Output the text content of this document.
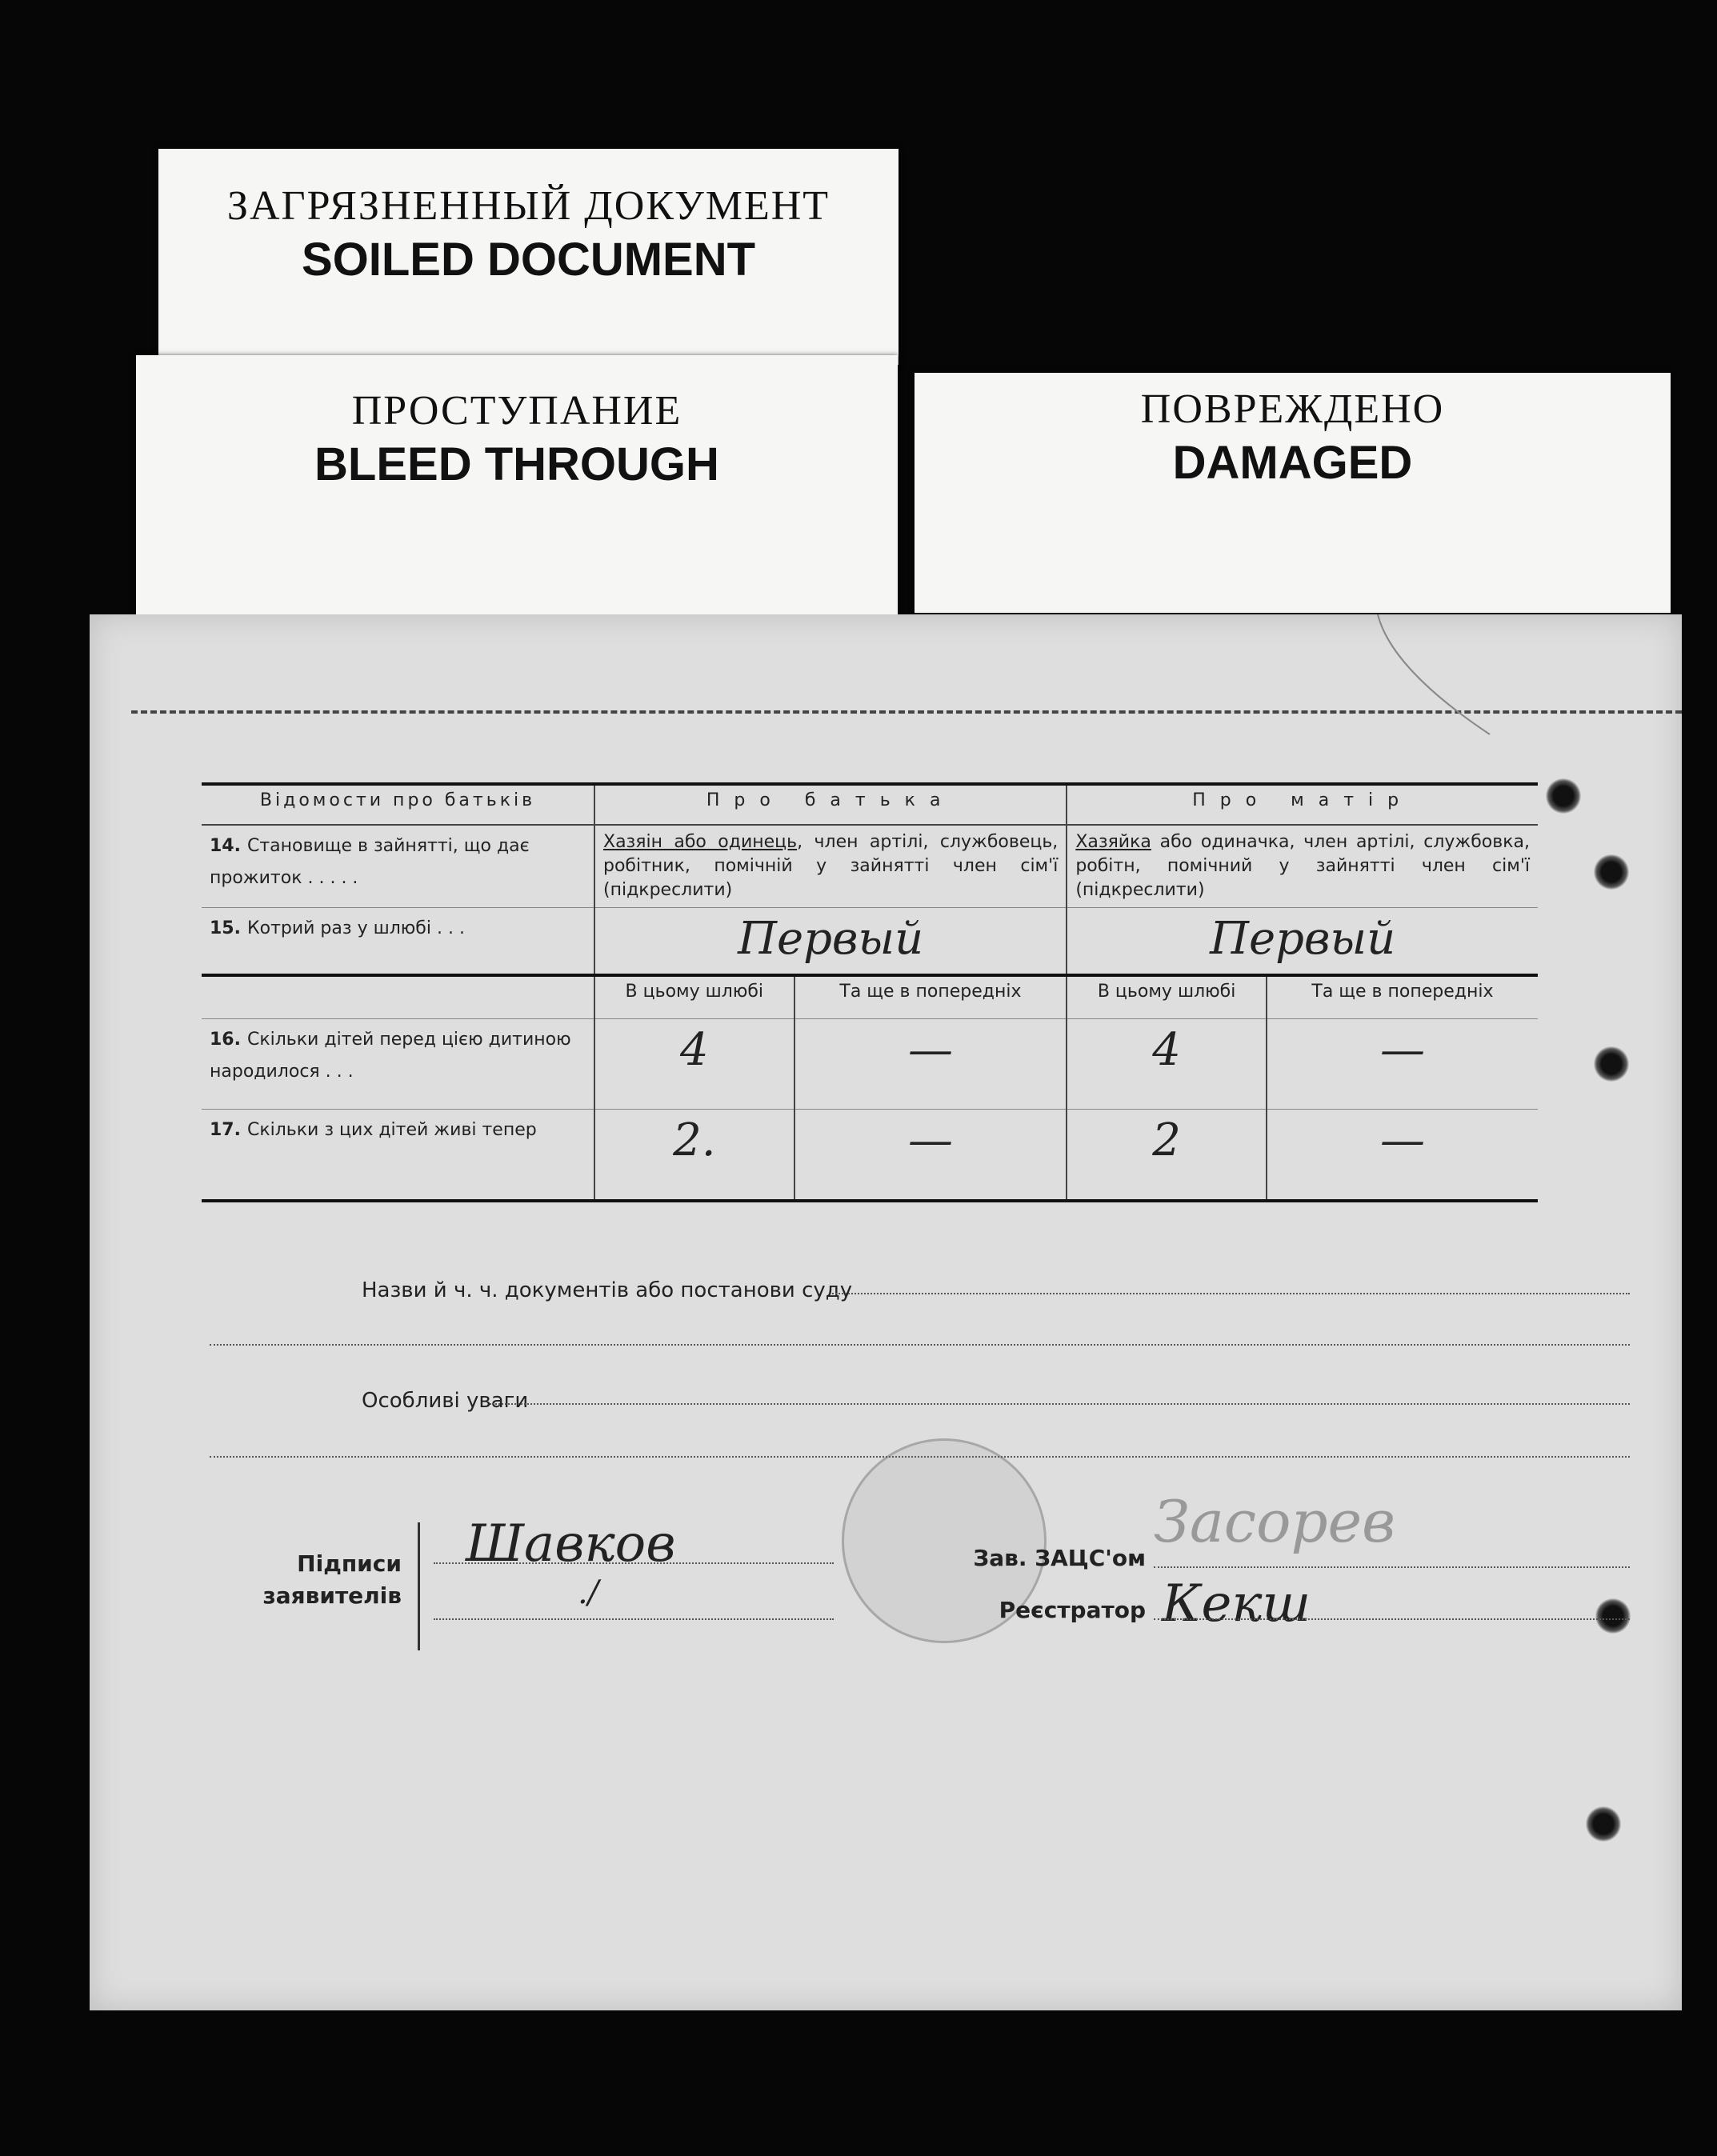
ЗАГРЯЗНЕННЫЙ ДОКУМЕНТ
SOILED DOCUMENT
ПРОСТУПАНИЕ
BLEED THROUGH
ПОВРЕЖДЕНО
DAMAGED
Відомости про батьків	Про батька		Про матір	
14. Становище в зайнятті, що дає прожиток . . . . .	Хазяін або одинець, член артілі, службовець, робітник, помічній у зайнятті член сім'ї (підкреслити)		Хазяйка або одиначка, член артілі, службовка, робітн, помічний у зайнятті член сім'ї (підкреслити)	
15. Котрий раз у шлюбі . . .	Первый		Первый	
	В цьому шлюбі	Та ще в попередніх	В цьому шлюбі	Та ще в попередніх
16. Скільки дітей перед цією дитиною народилося . . .	4	—	4	—
17. Скільки з цих дітей живі тепер	2.	—	2	—
Назви й ч. ч. документів або постанови суду
Особливі уваги
Підписи
заявителів
Шавков
./
Зав. ЗАЦС'ом
Реєстратор
Засорев
Кекш
